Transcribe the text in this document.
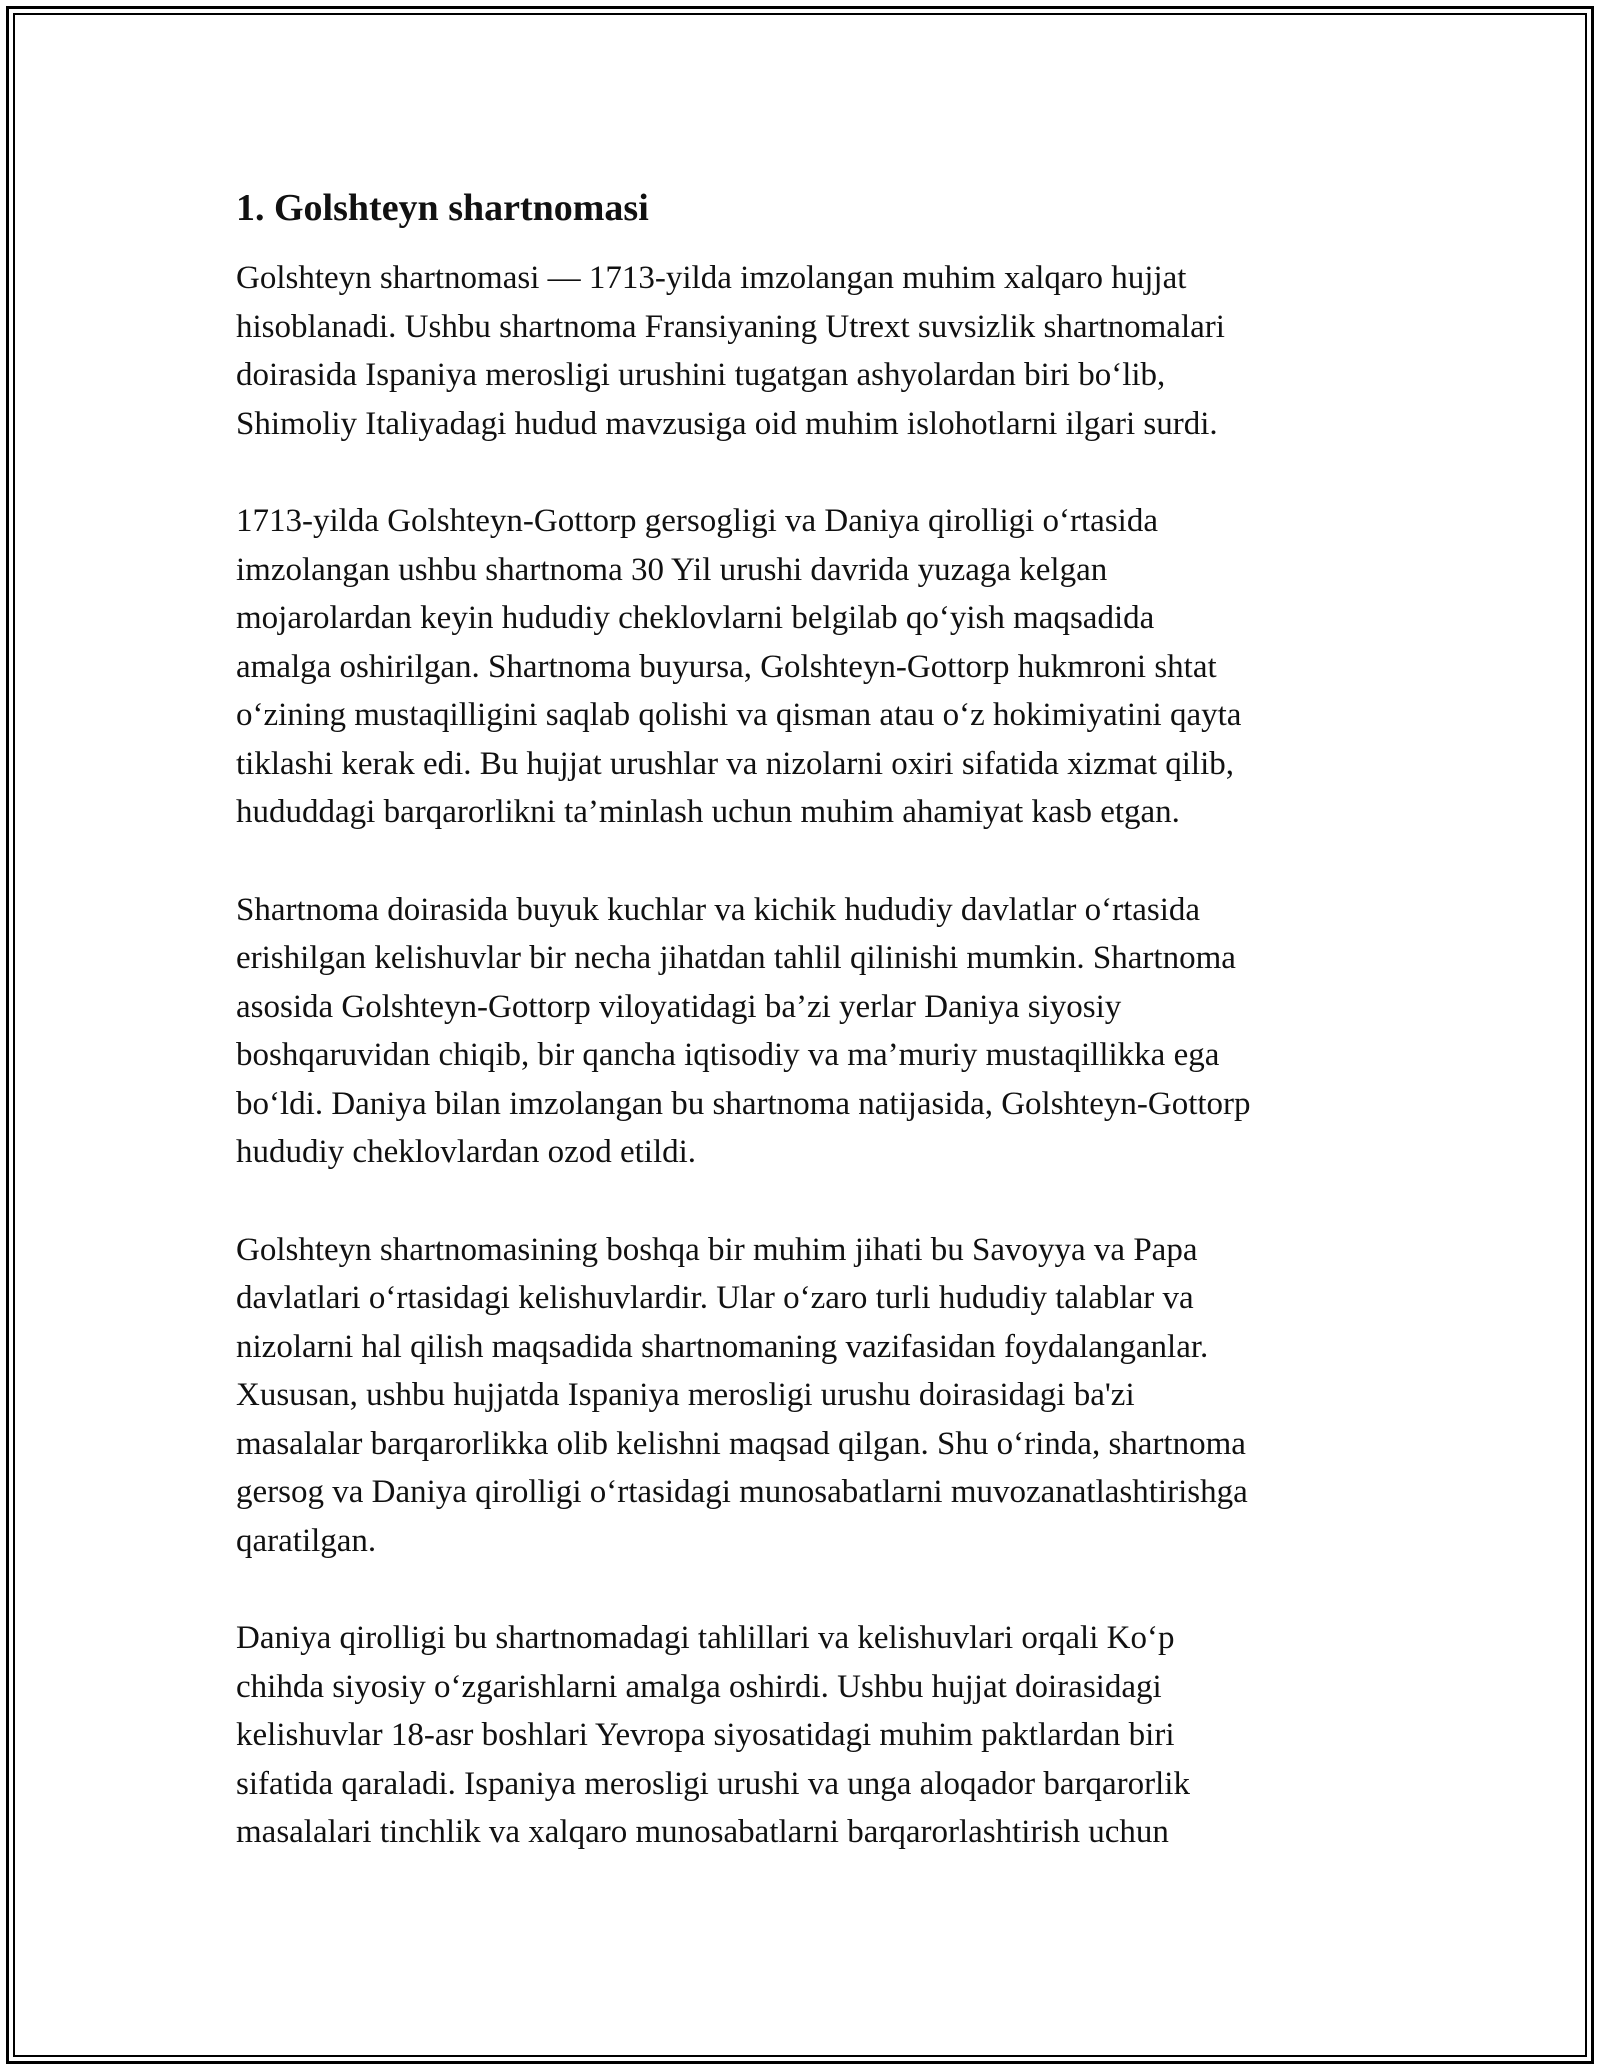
1. Golshteyn shartnomasi

Golshteyn shartnomasi — 1713-yilda imzolangan muhim xalqaro hujjat
hisoblanadi. Ushbu shartnoma Fransiyaning Utrext suvsizlik shartnomalari
doirasida Ispaniya merosligi urushini tugatgan ashyolardan biri boʻlib,
Shimoliy Italiyadagi hudud mavzusiga oid muhim islohotlarni ilgari surdi.

1713-yilda Golshteyn-Gottorp gersogligi va Daniya qirolligi oʻrtasida
imzolangan ushbu shartnoma 30 Yil urushi davrida yuzaga kelgan
mojarolardan keyin hududiy cheklovlarni belgilab qoʻyish maqsadida
amalga oshirilgan. Shartnoma buyursa, Golshteyn-Gottorp hukmroni shtat
oʻzining mustaqilligini saqlab qolishi va qisman atau oʻz hokimiyatini qayta
tiklashi kerak edi. Bu hujjat urushlar va nizolarni oxiri sifatida xizmat qilib,
hududdagi barqarorlikni ta’minlash uchun muhim ahamiyat kasb etgan.

Shartnoma doirasida buyuk kuchlar va kichik hududiy davlatlar oʻrtasida
erishilgan kelishuvlar bir necha jihatdan tahlil qilinishi mumkin. Shartnoma
asosida Golshteyn-Gottorp viloyatidagi ba’zi yerlar Daniya siyosiy
boshqaruvidan chiqib, bir qancha iqtisodiy va ma’muriy mustaqillikka ega
boʻldi. Daniya bilan imzolangan bu shartnoma natijasida, Golshteyn-Gottorp
hududiy cheklovlardan ozod etildi.

Golshteyn shartnomasining boshqa bir muhim jihati bu Savoyya va Papa
davlatlari oʻrtasidagi kelishuvlardir. Ular oʻzaro turli hududiy talablar va
nizolarni hal qilish maqsadida shartnomaning vazifasidan foydalanganlar.
Xususan, ushbu hujjatda Ispaniya merosligi urushu doirasidagi ba'zi
masalalar barqarorlikka olib kelishni maqsad qilgan. Shu oʻrinda, shartnoma
gersog va Daniya qirolligi oʻrtasidagi munosabatlarni muvozanatlashtirishga
qaratilgan.

Daniya qirolligi bu shartnomadagi tahlillari va kelishuvlari orqali Koʻp
chihda siyosiy oʻzgarishlarni amalga oshirdi. Ushbu hujjat doirasidagi
kelishuvlar 18-asr boshlari Yevropa siyosatidagi muhim paktlardan biri
sifatida qaraladi. Ispaniya merosligi urushi va unga aloqador barqarorlik
masalalari tinchlik va xalqaro munosabatlarni barqarorlashtirish uchun
